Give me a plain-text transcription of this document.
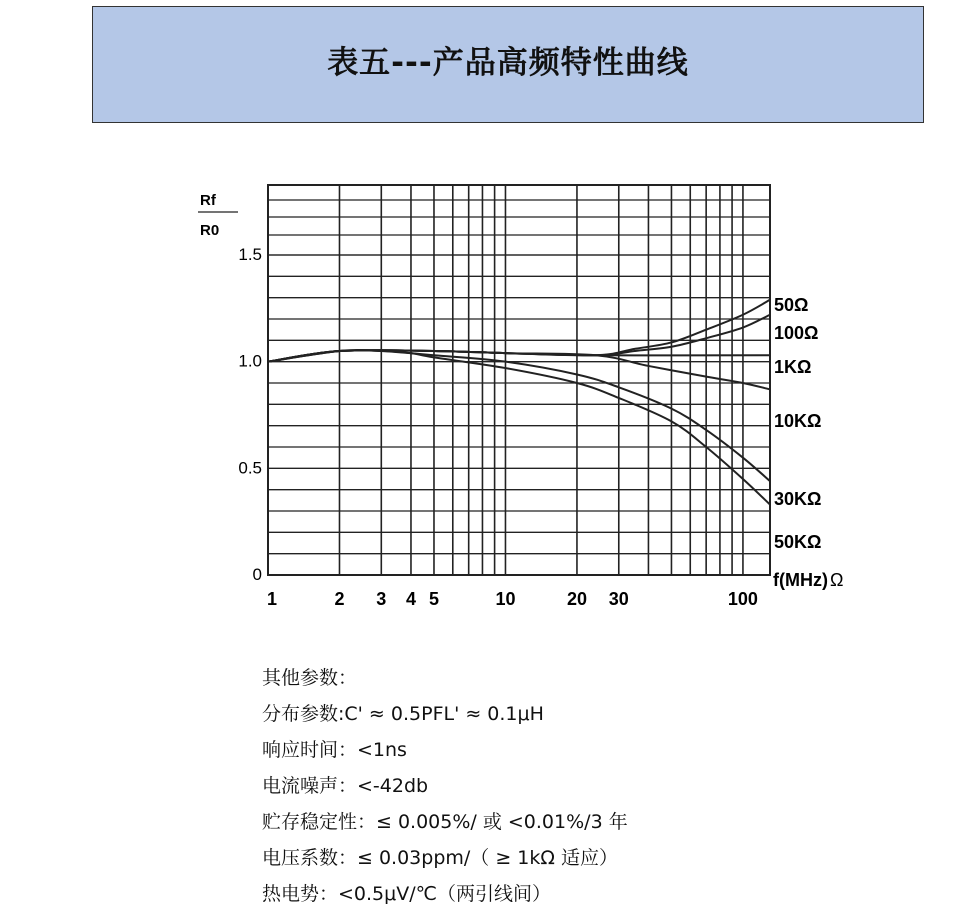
表五---产品高频特性曲线
0
0.5
1.0
1.5
1	2 3 4 5	10	20 30	100
50Ω
100Ω
1KΩ
10KΩ
30KΩ
50KΩ
Rf
R0
f(MHz) Ω
其他参数：
分布参数:C' ≈ 0.5PFL' ≈ 0.1μH
响应时间：<1ns
电流噪声：<-42db
贮存稳定性：≤ 0.005%/ 或 <0.01%/3 年
电压系数：≤ 0.03ppm/（ ≥ 1kΩ 适应）
热电势：<0.5μV/℃（两引线间）
